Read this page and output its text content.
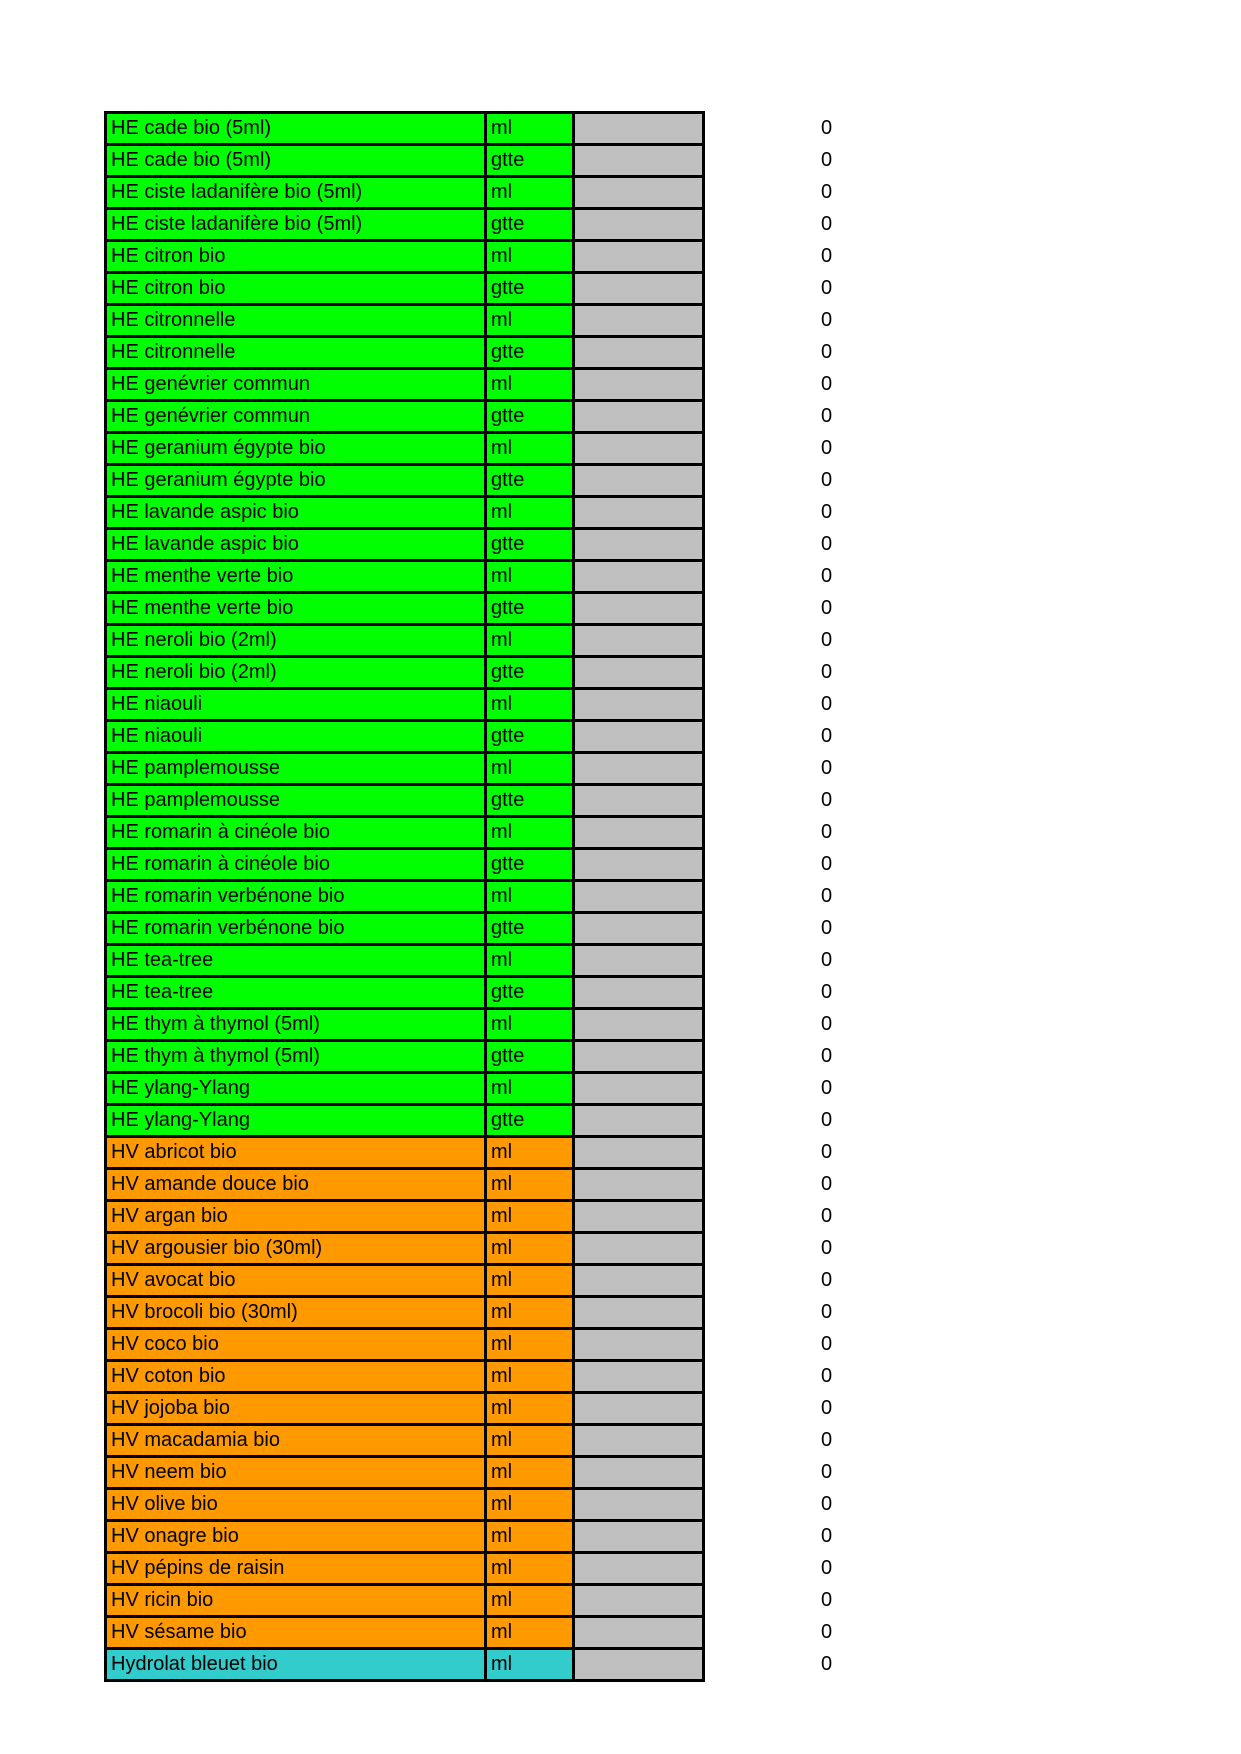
HE cade bio (5ml)	ml		0
HE cade bio (5ml)	gtte		0
HE ciste ladanifère bio (5ml)	ml		0
HE ciste ladanifère bio (5ml)	gtte		0
HE citron bio	ml		0
HE citron bio	gtte		0
HE citronnelle	ml		0
HE citronnelle	gtte		0
HE genévrier commun	ml		0
HE genévrier commun	gtte		0
HE geranium égypte bio	ml		0
HE geranium égypte bio	gtte		0
HE lavande aspic bio	ml		0
HE lavande aspic bio	gtte		0
HE menthe verte bio	ml		0
HE menthe verte bio	gtte		0
HE neroli bio (2ml)	ml		0
HE neroli bio (2ml)	gtte		0
HE niaouli	ml		0
HE niaouli	gtte		0
HE pamplemousse	ml		0
HE pamplemousse	gtte		0
HE romarin à cinéole bio	ml		0
HE romarin à cinéole bio	gtte		0
HE romarin verbénone bio	ml		0
HE romarin verbénone bio	gtte		0
HE tea-tree	ml		0
HE tea-tree	gtte		0
HE thym à thymol (5ml)	ml		0
HE thym à thymol (5ml)	gtte		0
HE ylang-Ylang	ml		0
HE ylang-Ylang	gtte		0
HV abricot bio	ml		0
HV amande douce bio	ml		0
HV argan bio	ml		0
HV argousier bio (30ml)	ml		0
HV avocat bio	ml		0
HV brocoli bio (30ml)	ml		0
HV coco bio	ml		0
HV coton bio	ml		0
HV jojoba bio	ml		0
HV macadamia bio	ml		0
HV neem bio	ml		0
HV olive bio	ml		0
HV onagre bio	ml		0
HV pépins de raisin	ml		0
HV ricin bio	ml		0
HV sésame bio	ml		0
Hydrolat bleuet bio	ml		0
